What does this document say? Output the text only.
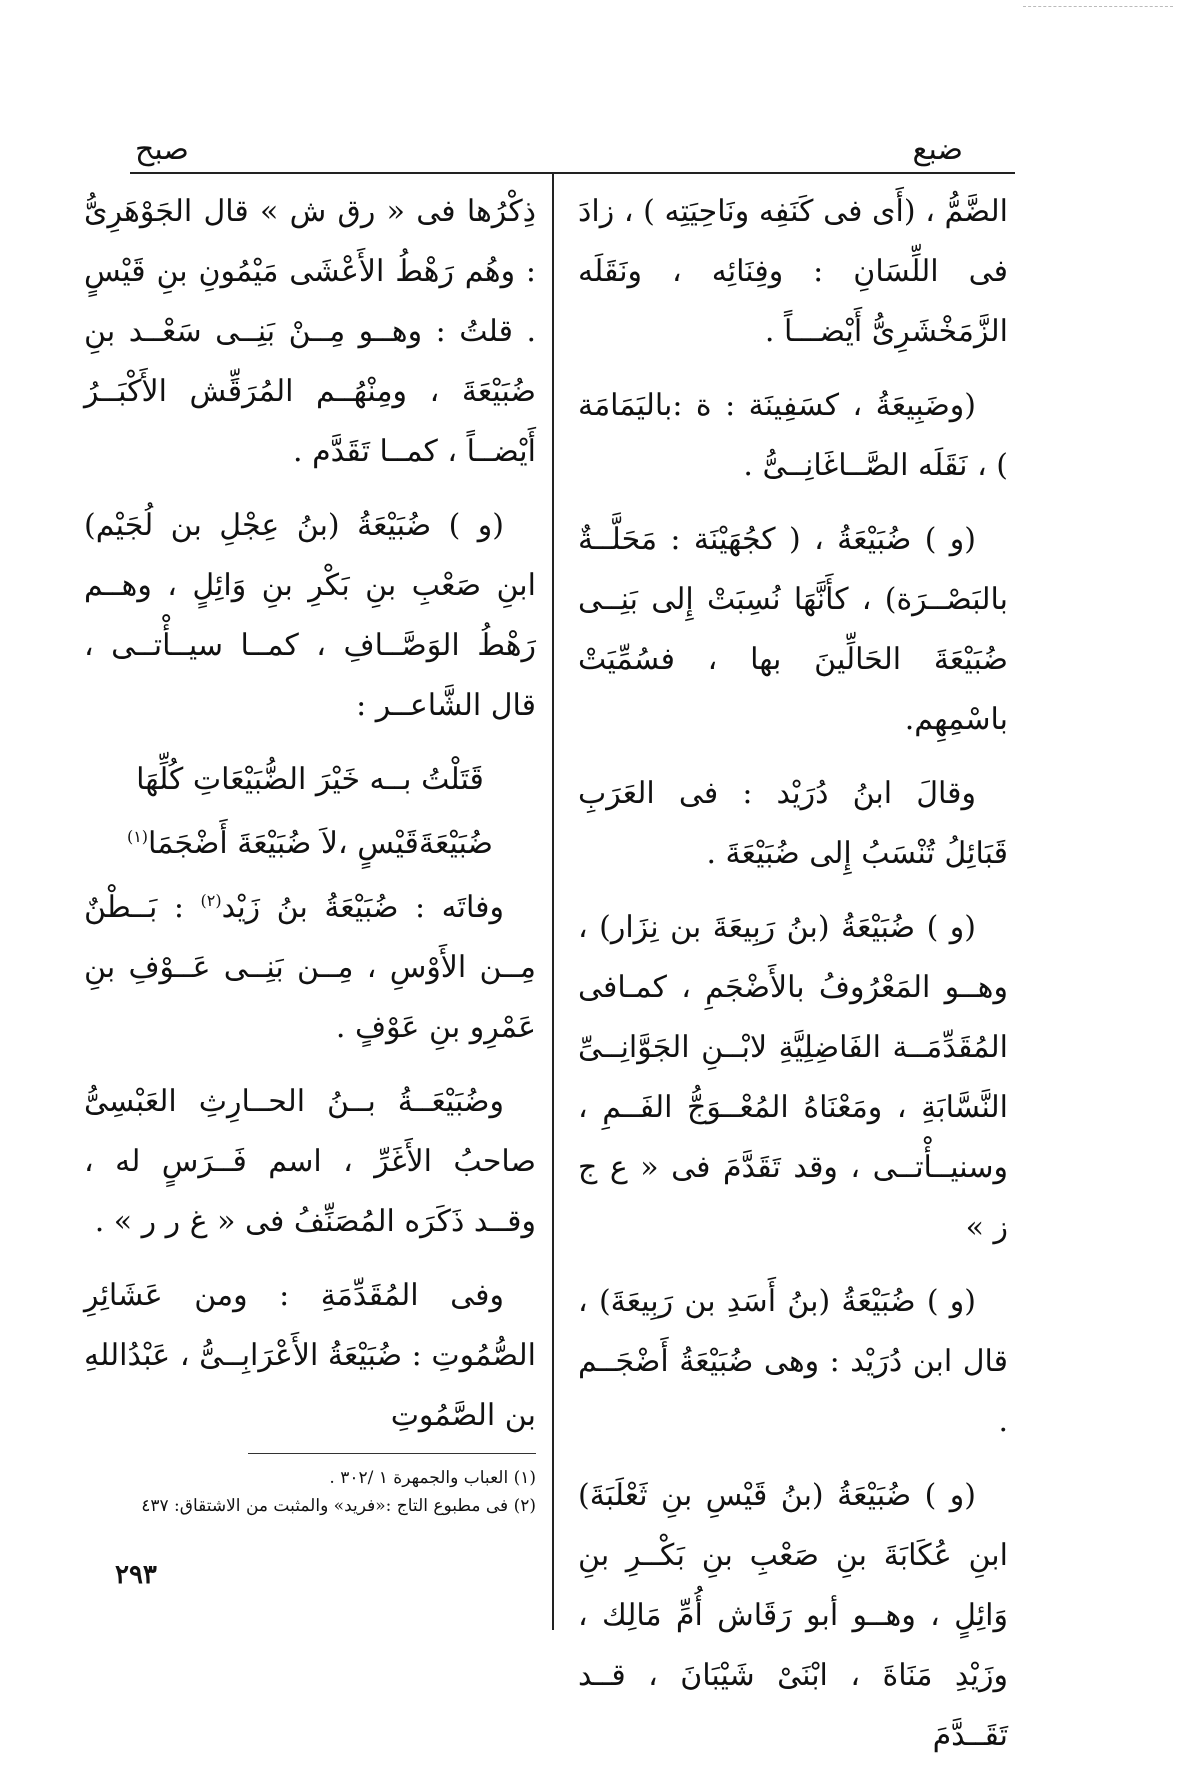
ضبع
صبح

الضَّمُّ ، (أَى فى كَنَفِه ونَاحِيَتِه ) ، زادَ فى اللِّسَانِ : وفِنَائِه ، ونَقَلَه الزَّمَخْشَرِىُّ أَيْضـــاً .

(وضَبِيعَةُ ، كسَفِينَة : ة :باليَمَامَة ) ، نَقَلَه الصَّــاغَانِــىُّ .

(و ) ضُبَيْعَةُ ، ( كجُهَيْنَة : مَحَلَّــةٌ بالبَصْــرَة) ، كأَنَّهَا نُسِبَتْ إِلى بَنِــى ضُبَيْعَةَ الحَالِّينَ بها ، فسُمِّيَتْ باسْمِهِم.

وقالَ ابنُ دُرَيْد : فى العَرَبِ قَبَائِلُ تُنْسَبُ إِلى ضُبَيْعَةَ .

(و ) ضُبَيْعَةُ (بنُ رَبِيعَةَ بن نِزَار) ، وهــو المَعْرُوفُ بالأَضْجَمِ ، كمـافى المُقَدِّمَــة الفَاضِلِيَّةِ لابْــنِ الجَوَّانِــىِّ النَّسَّابَةِ ، ومَعْنَاهُ المُعْــوَجُّ الفَــمِ ، وسنيــأْتــى ، وقد تَقَدَّمَ فى « ع ج ز »

(و ) ضُبَيْعَةُ (بنُ أَسَدِ بن رَبِيعَةَ) ، قال ابن دُرَيْد : وهى ضُبَيْعَةُ أَضْجَــم .

(و ) ضُبَيْعَةُ (بنُ قَيْسِ بنِ ثَعْلَبَةَ) ابنِ عُكَابَةَ بنِ صَعْبِ بنِ بَكْــرِ بنِ وَائِلٍ ، وهــو أبو رَقَاش أُمِّ مَالِك ، وزَيْدِ مَنَاةَ ، ابْنَىْ شَيْبَانَ ، قــد تَقَــدَّمَ

ذِكْرُها فى « رق ش » قال الجَوْهَرِىُّ : وهُم رَهْطُ الأَعْشَى مَيْمُونِ بنِ قَيْسٍ . قلتُ : وهــو مِــنْ بَنِــى سَعْــد بنِ ضُبَيْعَةَ ، ومِنْهُــم المُرَقِّش الأَكْبَــرُ أَيْضــاً ، كمــا تَقَدَّم .

(و ) ضُبَيْعَةُ (بنُ عِجْلِ بن لُجَيْم) ابنِ صَعْبِ بنِ بَكْرِ بنِ وَائِلٍ ، وهــم رَهْطُ الوَصَّــافِ ، كمــا سيــأْتــى ، قال الشَّاعــر :

قَتَلْتُ بــه خَيْرَ الضُّبَيْعَاتِ كُلِّهَا

ضُبَيْعَةَقَيْسٍ ،لاَ ضُبَيْعَةَ أَضْجَمَا$^{(١)}$

وفاتَه : ضُبَيْعَةُ بنُ زَيْد$^{(٢)}$ : بَــطْنٌ مِــن الأَوْسِ ، مِــن بَنِــى عَــوْفِ بنِ عَمْرِو بنِ عَوْفٍ .

وضُبَيْعَــةُ بــنُ الحــارِثِ العَبْسِىُّ صاحبُ الأَغَرِّ ، اسم فَــرَسٍ له ، وقــد ذَكَرَه المُصَنِّفُ فى « غ ر ر » .

وفى المُقَدِّمَةِ : ومن عَشَائِرِ الصُّمُوتِ : ضُبَيْعَةُ الأَعْرَابِــىُّ ، عَبْدُاللهِ بن الصَّمُوتِ

(١) العباب والجمهرة ١ /٣٠٢ .

(٢) فى مطبوع التاج :«فريد» والمثبت من الاشتقاق: ٤٣٧

٢٩٣
